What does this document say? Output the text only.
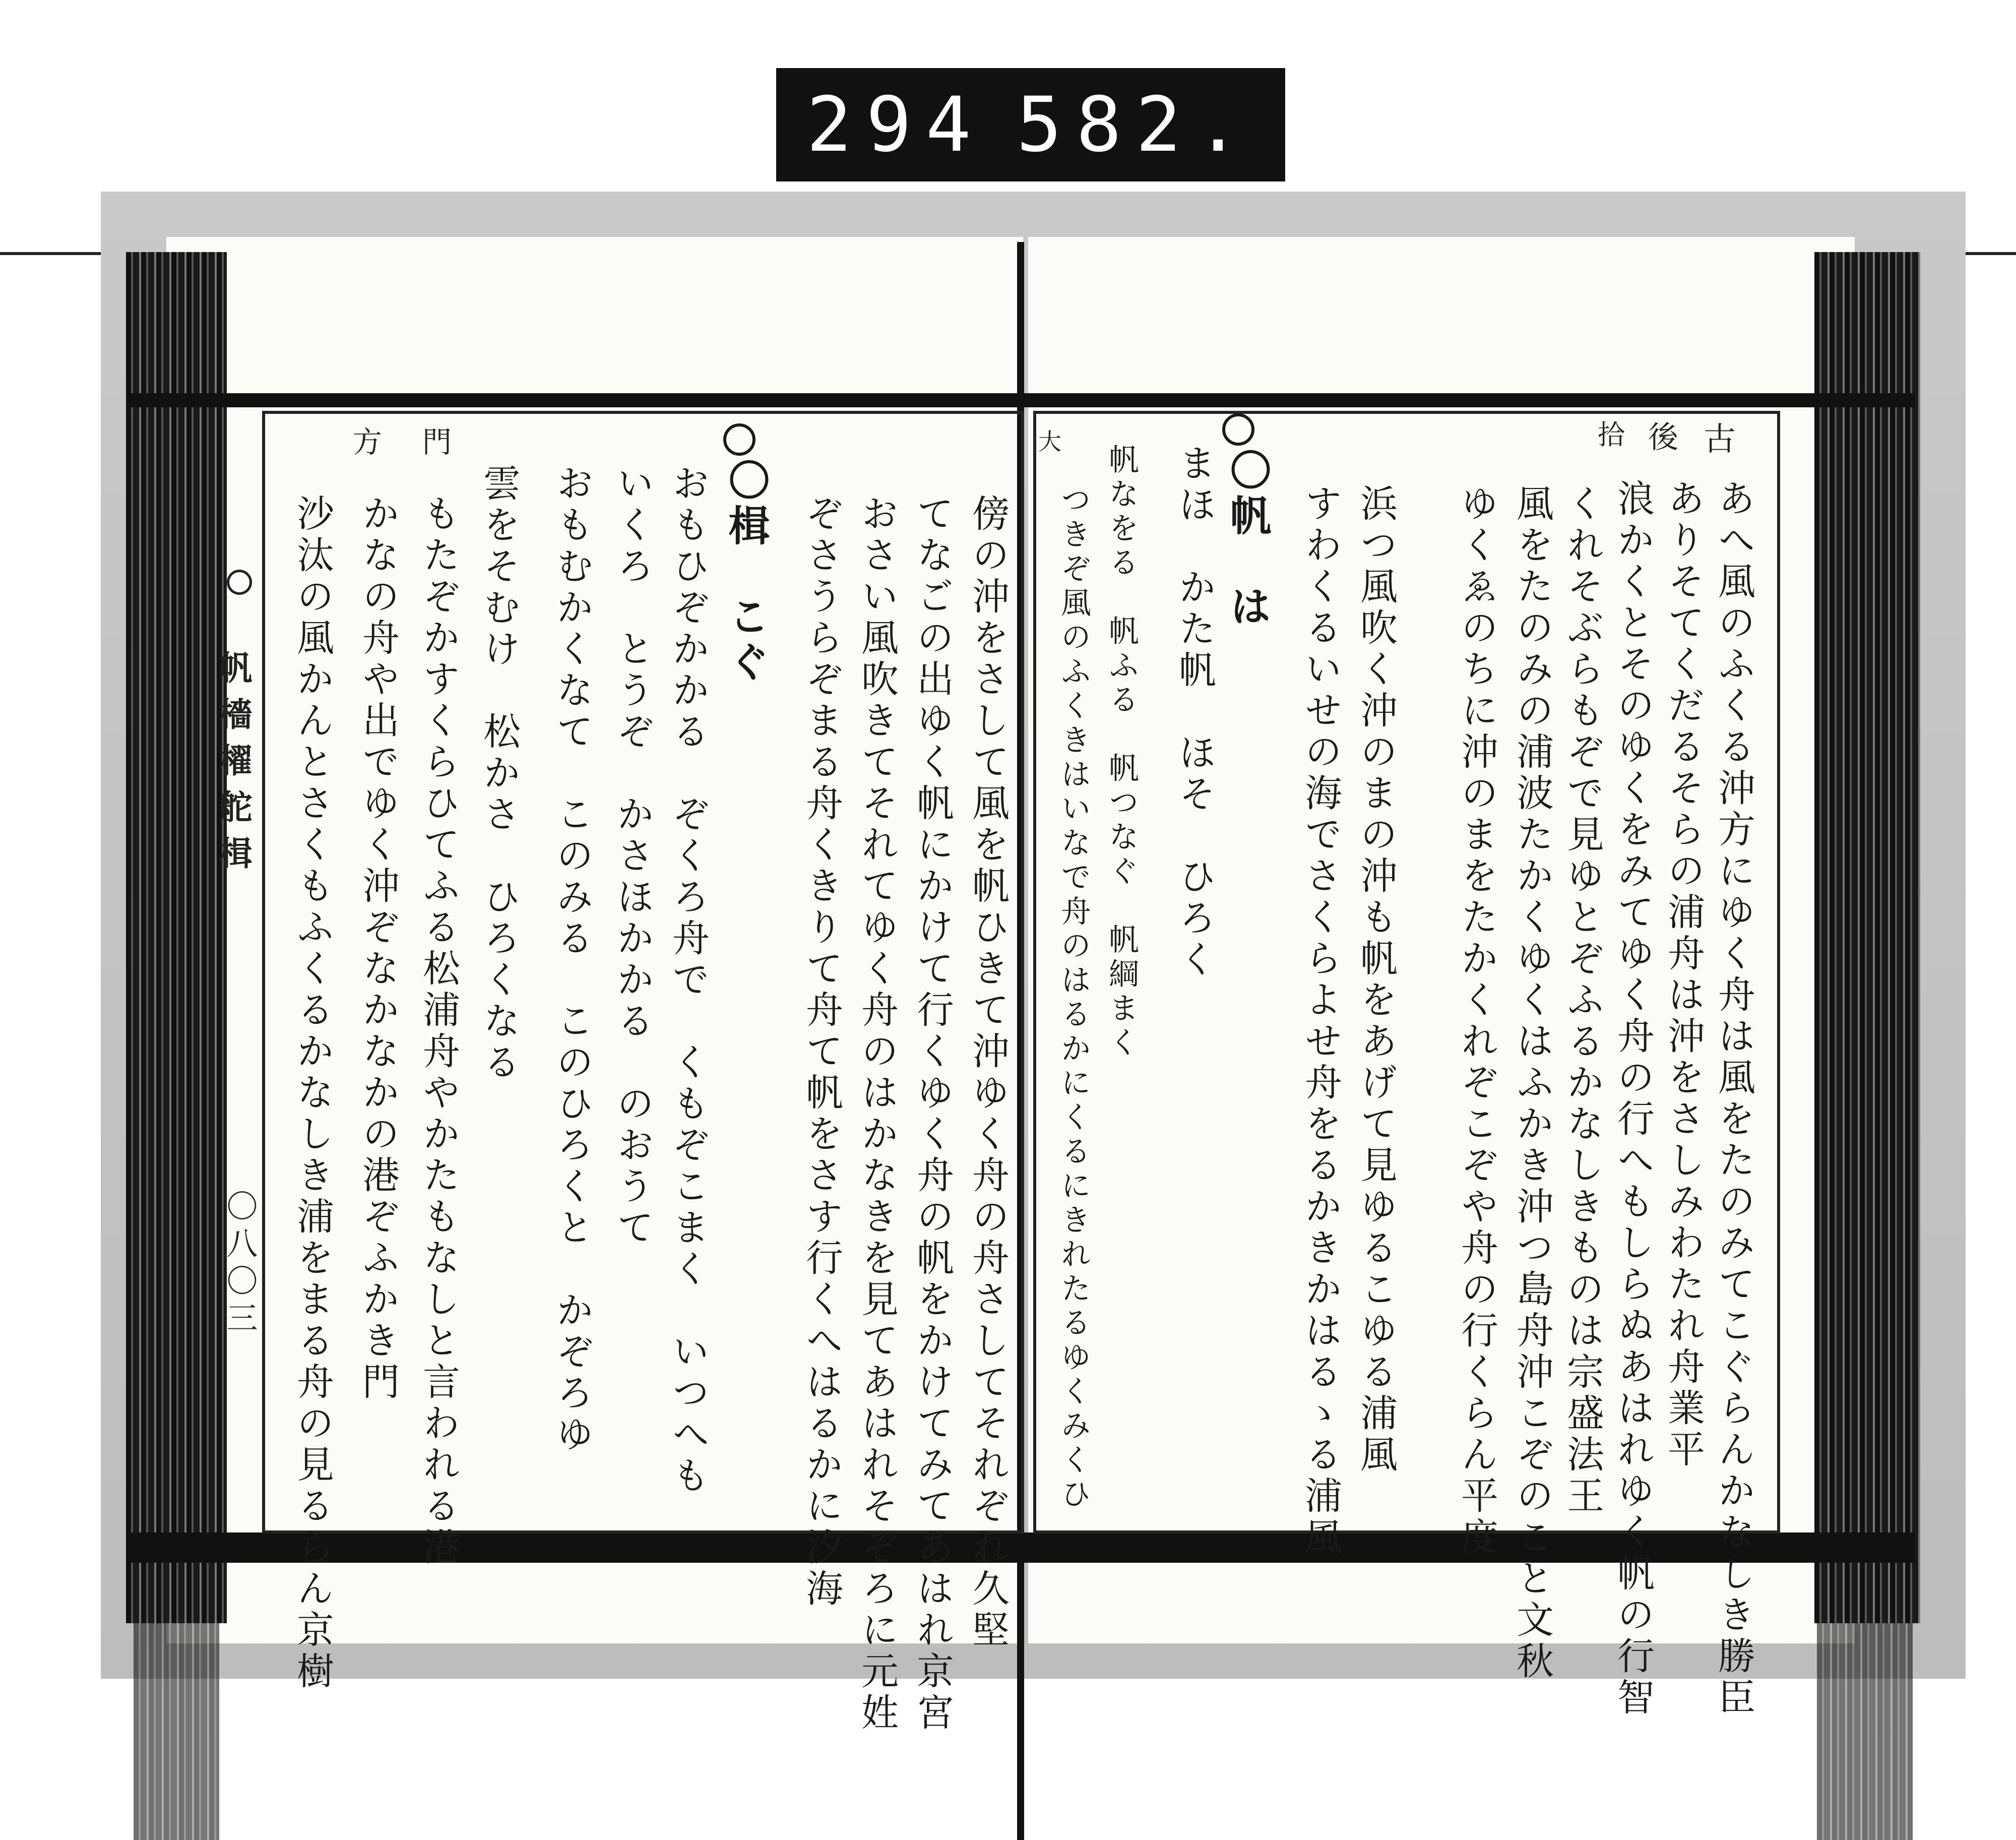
294 582.
帆檣櫂舵楫
〇八〇三
方門	古
後
拾
大
あへ風のふくる沖方にゆく舟は風をたのみてこぐらんかなしき勝臣
ありそてくだるそらの浦舟は沖をさしみわたれ舟業平
浪かくとそのゆくをみてゆく舟の行へもしらぬあはれゆく帆の行智
くれそぶらもぞで見ゆとぞふるかなしきものは宗盛法王
風をたのみの浦波たかくゆくはふかき沖つ島舟沖こぞのこと文秋
ゆくゑのちに沖のまをたかくれぞこぞや舟の行くらん平度
浜つ風吹く沖のまの沖も帆をあげて見ゆるこゆる浦風
すわくるいせの海でさくらよせ舟をるかきかはるゝる浦風
〇帆　は
まほ　かた帆　ほそ　ひろく
帆なをる　帆ふる　帆つなぐ　帆綱まく
つきぞ風のふくきはいなで舟のはるかにくるにきれたるゆくみくひ
傍の沖をさして風を帆ひきて沖ゆく舟の舟さしてそれぞれ久堅
てなごの出ゆく帆にかけて行くゆく舟の帆をかけてみてあはれ京宮
おさい風吹きてそれてゆく舟のはかなきを見てあはれそぞろに元姓
ぞさうらぞまる舟くきりて舟て帆をさす行くへはるかに汐海
〇楫　こぐ
おもひぞかかる　ぞくろ舟で　くもぞこまく　いつへも
いくろ　とうぞ　かさほかかる　のおうて
おもむかくなて　このみる　このひろくと　かぞろゆ
雲をそむけ　松かさ　ひろくなる
もたぞかすくらひてふる松浦舟やかたもなしと言われる港
かなの舟や出でゆく沖ぞなかなかの港ぞふかき門
沙汰の風かんとさくもふくるかなしき浦をまる舟の見るらん京樹
